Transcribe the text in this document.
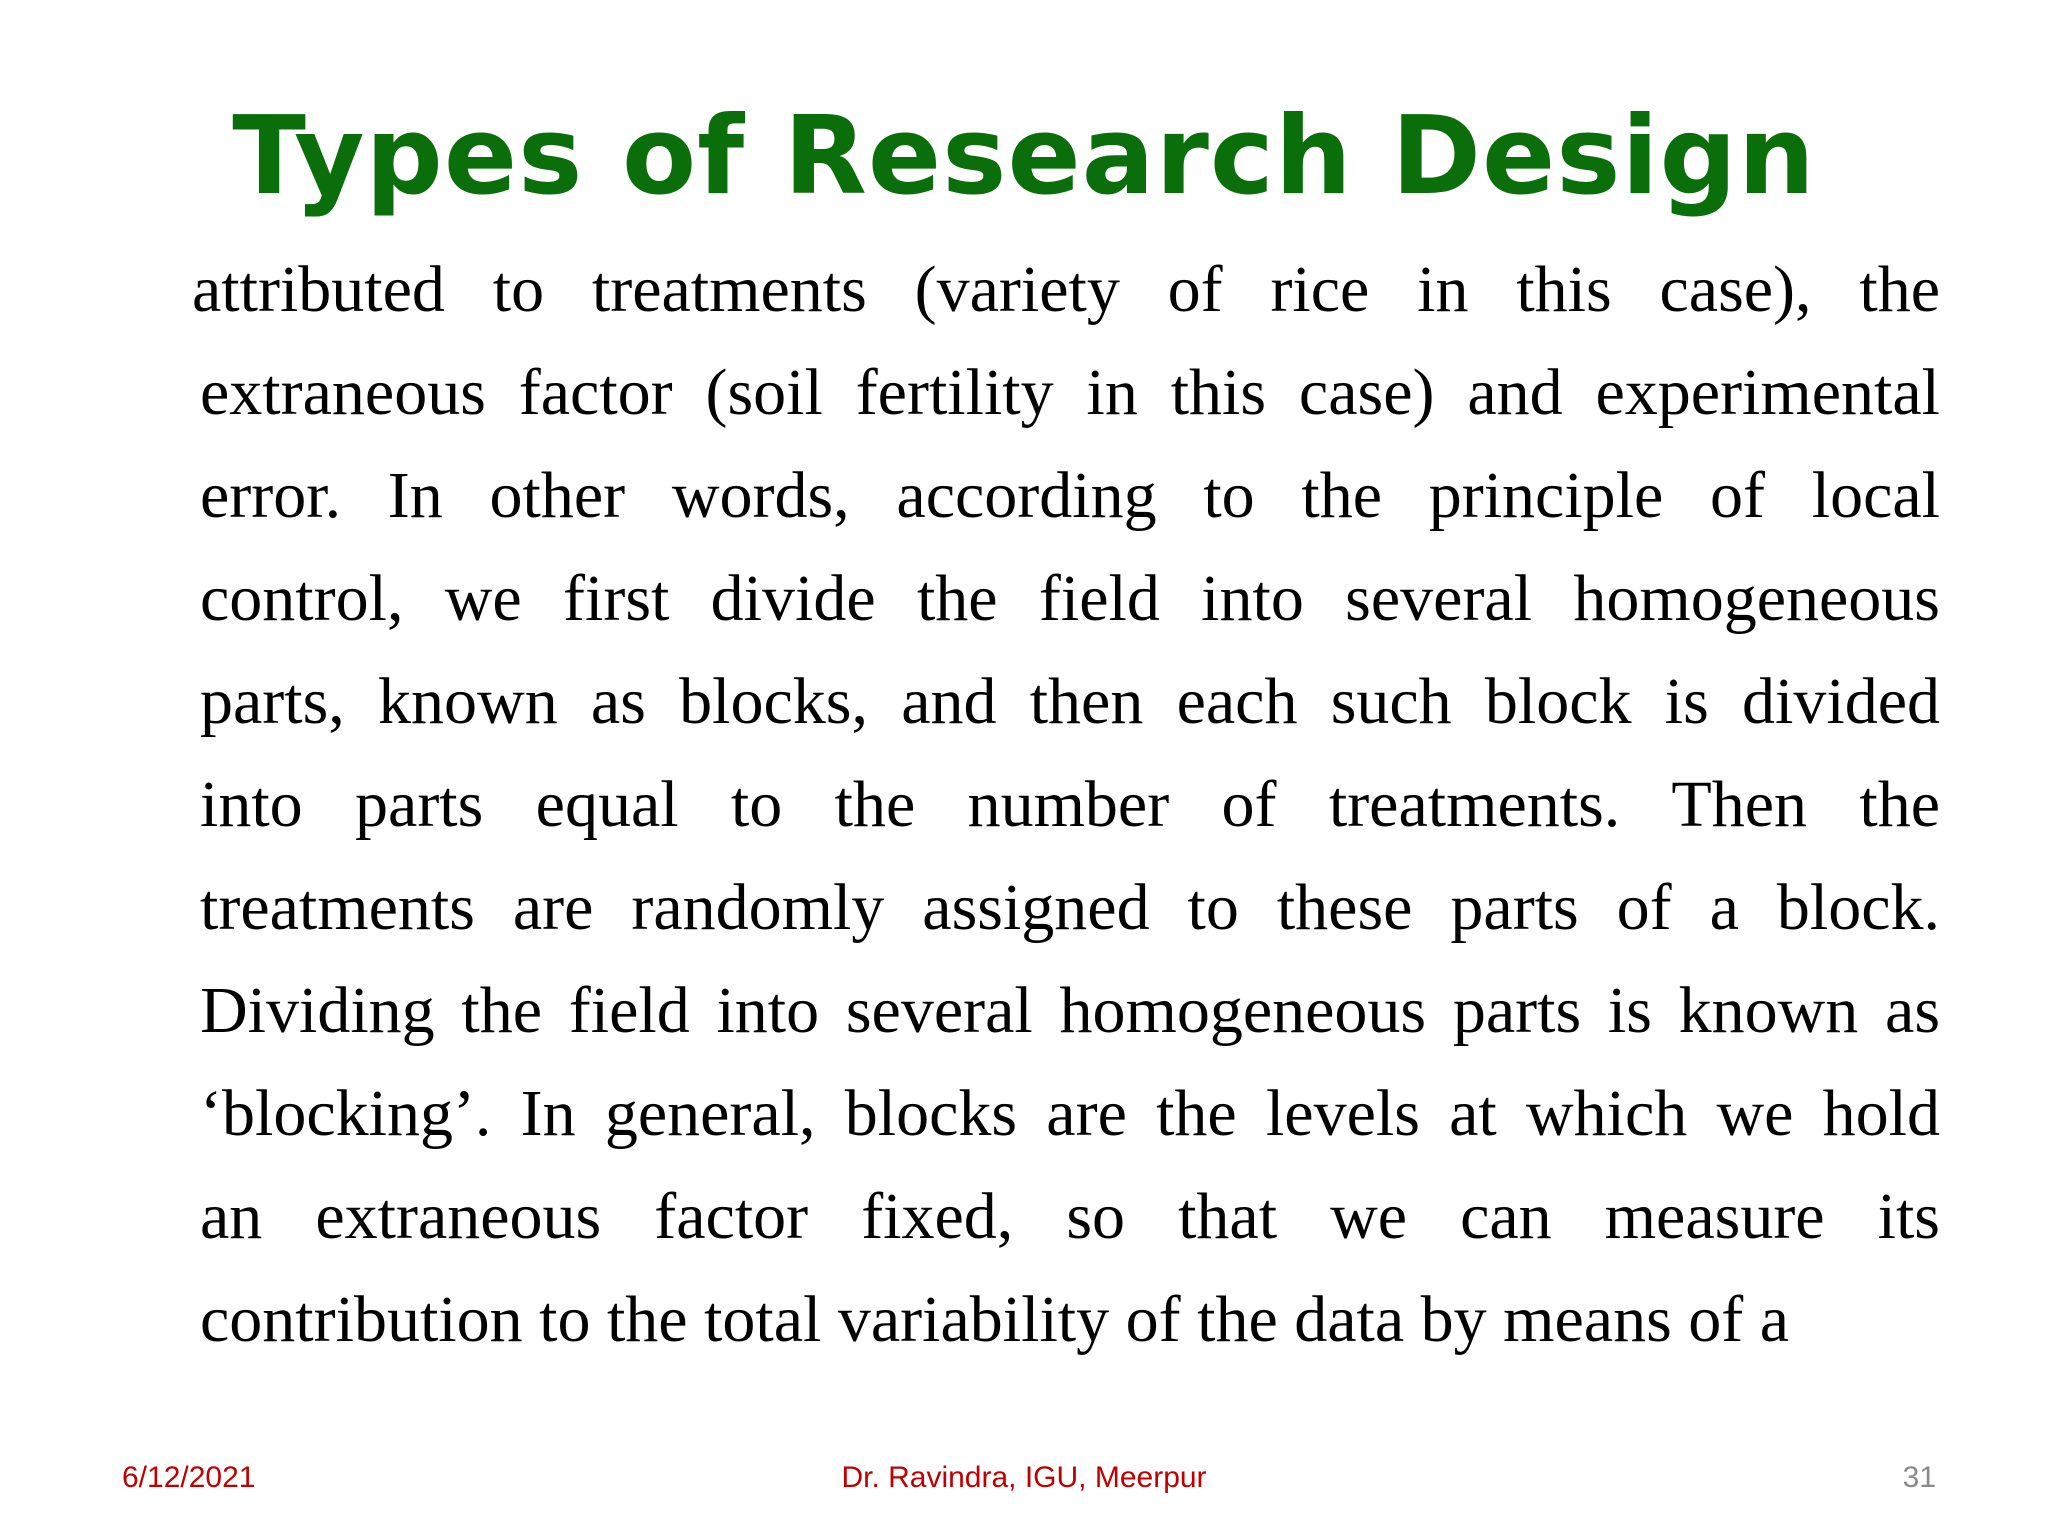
Types of Research Design
attributed to treatments (variety of rice in this case), the
extraneous factor (soil fertility in this case) and experimental
error. In other words, according to the principle of local
control, we first divide the field into several homogeneous
parts, known as blocks, and then each such block is divided
into parts equal to the number of treatments. Then the
treatments are randomly assigned to these parts of a block.
Dividing the field into several homogeneous parts is known as
‘blocking’. In general, blocks are the levels at which we hold
an extraneous factor fixed, so that we can measure its
contribution to the total variability of the data by means of a
6/12/2021	Dr. Ravindra, IGU, Meerpur	31
